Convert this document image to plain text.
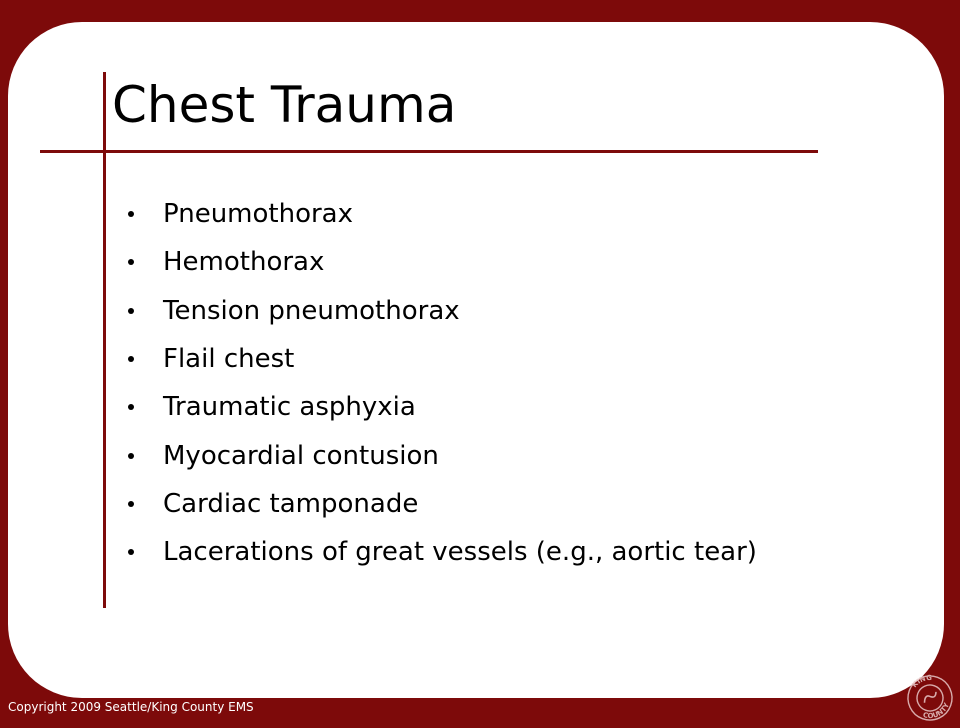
Chest Trauma
Pneumothorax
Hemothorax
Tension pneumothorax
Flail chest
Traumatic asphyxia
Myocardial contusion
Cardiac tamponade
Lacerations of great vessels (e.g., aortic tear)
Copyright 2009 Seattle/King County EMS
KING
COUNTY
